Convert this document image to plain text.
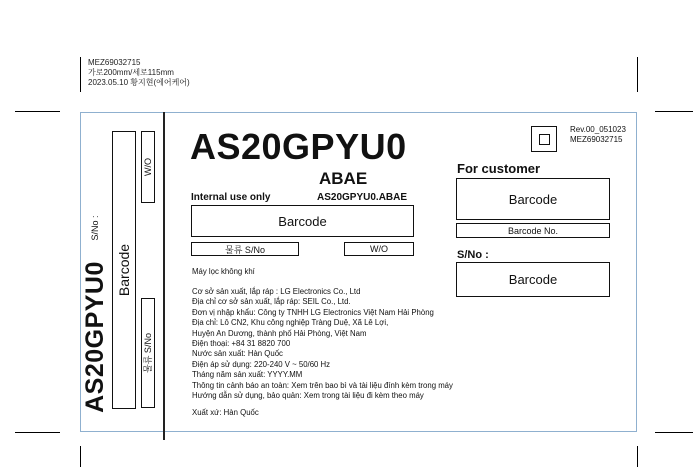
MEZ69032715
가로200mm/세로115mm
2023.05.10 황지현(에어케어)
AS20GPYU0
S/No :
Barcode
W/O
물류 S/No
AS20GPYU0
ABAE
Internal use only	AS20GPYU0.ABAE
Barcode
물류 S/No	W/O
Máy lọc không khí
Cơ sở sản xuất, lắp ráp : LG Electronics Co., Ltd
Địa chỉ cơ sở sản xuất, lắp ráp: SEIL Co., Ltd.
Đơn vị nhập khẩu: Công ty TNHH LG Electronics Việt Nam Hải Phòng
Địa chỉ: Lô CN2, Khu công nghiệp Tràng Duệ, Xã Lê Lợi,
Huyện An Dương, thành phố Hải Phòng, Việt Nam
Điện thoại: +84 31 8820 700
Nước sản xuất: Hàn Quốc
Điện áp sử dụng: 220-240 V ~ 50/60 Hz
Tháng năm sản xuất: YYYY.MM
Thông tin cảnh báo an toàn: Xem trên bao bì và tài liệu đính kèm trong máy
Hướng dẫn sử dụng, bảo quản: Xem trong tài liệu đi kèm theo máy
Xuất xứ: Hàn Quốc
Rev.00_051023
MEZ69032715
For customer
Barcode
Barcode No.
S/No :
Barcode
